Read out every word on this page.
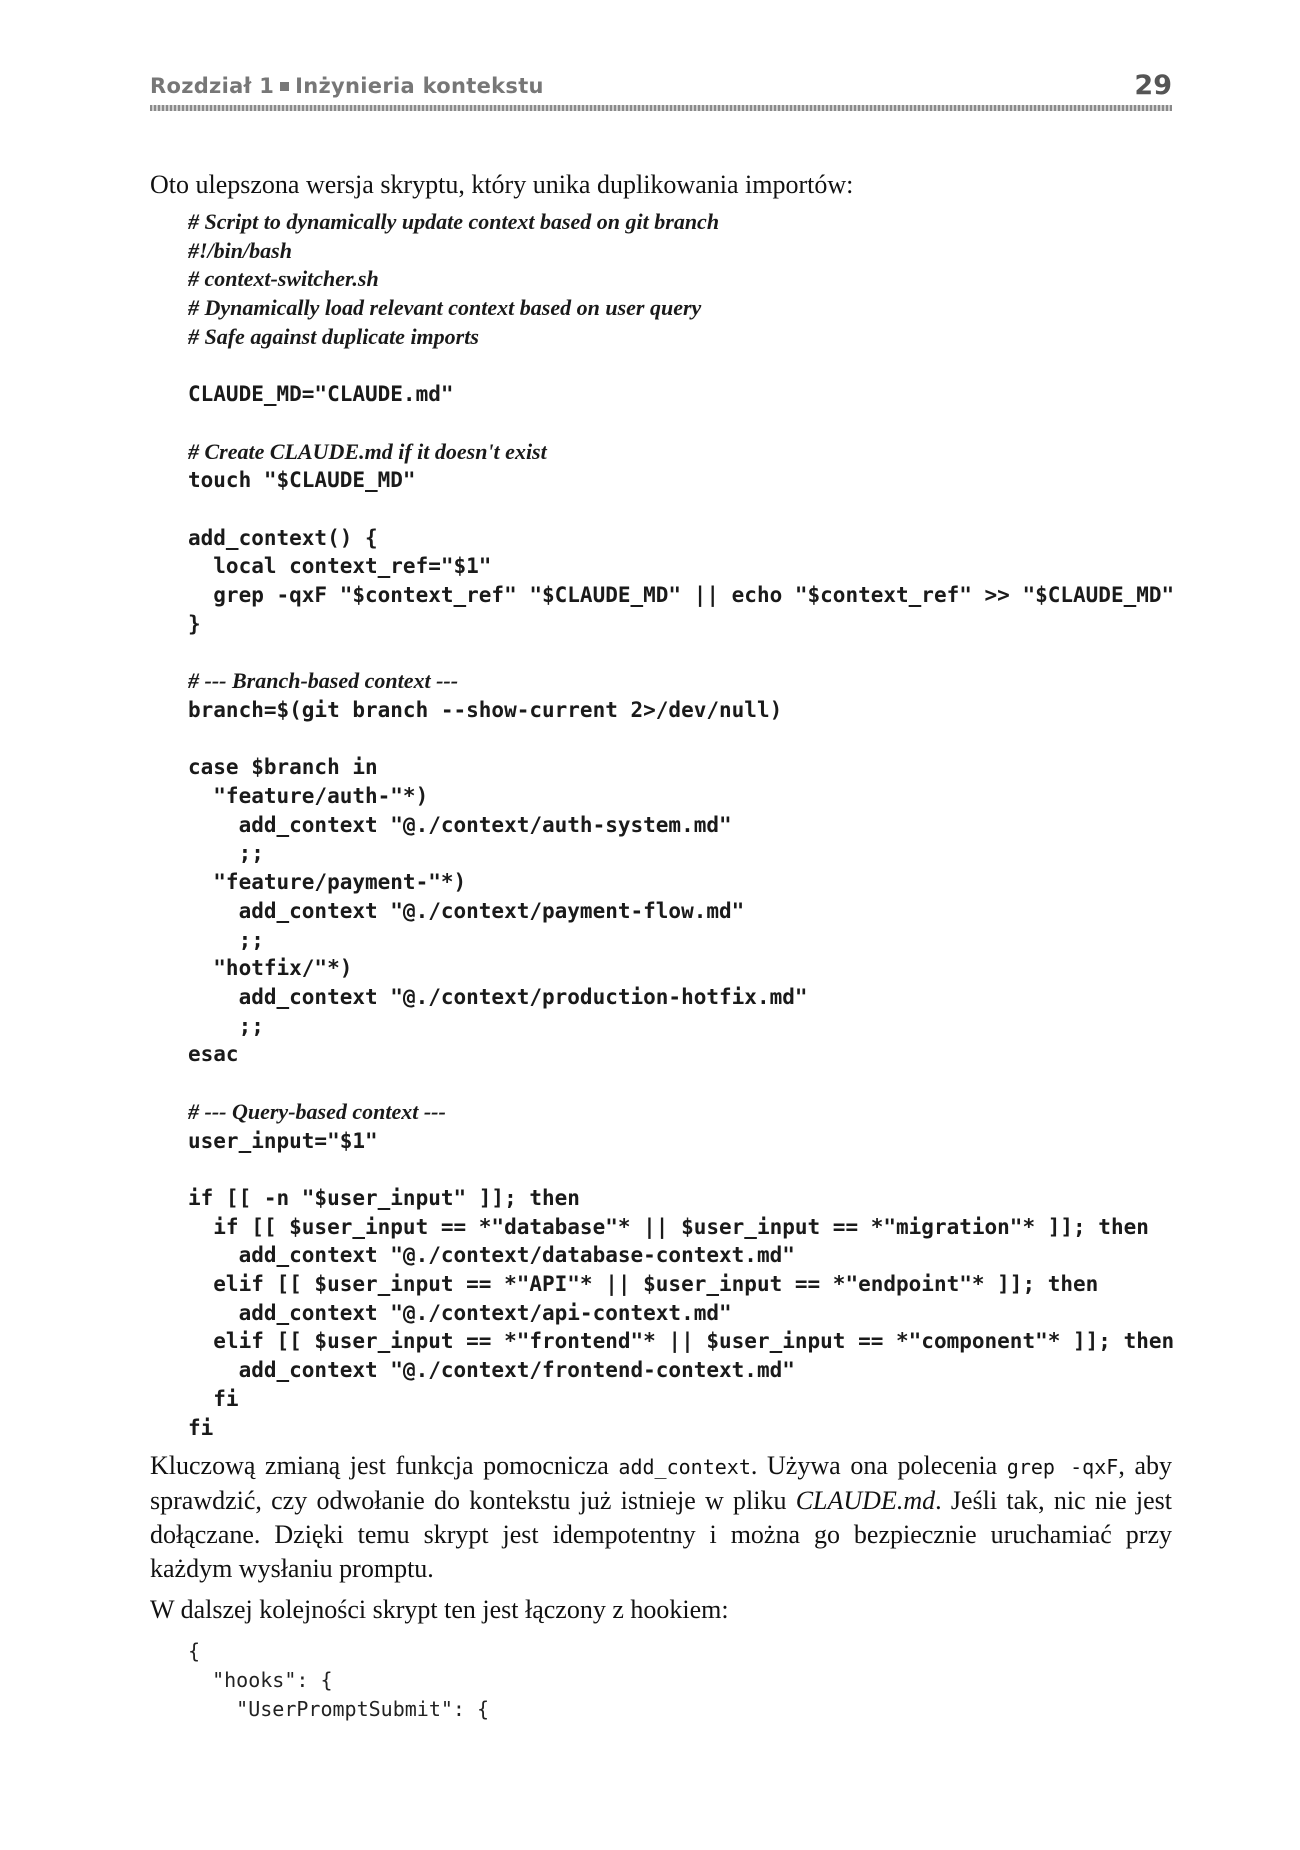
Rozdział 1 Inżynieria kontekstu	29

Oto ulepszona wersja skryptu, który unika duplikowania importów:

# Script to dynamically update context based on git branch
#!/bin/bash
# context-switcher.sh
# Dynamically load relevant context based on user query
# Safe against duplicate imports

CLAUDE_MD="CLAUDE.md"

# Create CLAUDE.md if it doesn't exist
touch "$CLAUDE_MD"

add_context() {
local context_ref="$1"
grep -qxF "$context_ref" "$CLAUDE_MD" || echo "$context_ref" >> "$CLAUDE_MD"
}

# --- Branch-based context ---
branch=$(git branch --show-current 2>/dev/null)

case $branch in
"feature/auth-"*)
add_context "@./context/auth-system.md"
;;
"feature/payment-"*)
add_context "@./context/payment-flow.md"
;;
"hotfix/"*)
add_context "@./context/production-hotfix.md"
;;
esac

# --- Query-based context ---
user_input="$1"

if [[ -n "$user_input" ]]; then
if [[ $user_input == *"database"* || $user_input == *"migration"* ]]; then
add_context "@./context/database-context.md"
elif [[ $user_input == *"API"* || $user_input == *"endpoint"* ]]; then
add_context "@./context/api-context.md"
elif [[ $user_input == *"frontend"* || $user_input == *"component"* ]]; then
add_context "@./context/frontend-context.md"
fi
fi

Kluczową zmianą jest funkcja pomocnicza add_context. Używa ona polecenia grep -qxF, aby sprawdzić, czy odwołanie do kontekstu już istnieje w pliku CLAUDE.md. Jeśli tak, nic nie jest dołączane. Dzięki temu skrypt jest idempotentny i można go bezpiecznie uruchamiać przy każdym wysłaniu promptu.

W dalszej kolejności skrypt ten jest łączony z hookiem:

{
"hooks": {
"UserPromptSubmit": {
